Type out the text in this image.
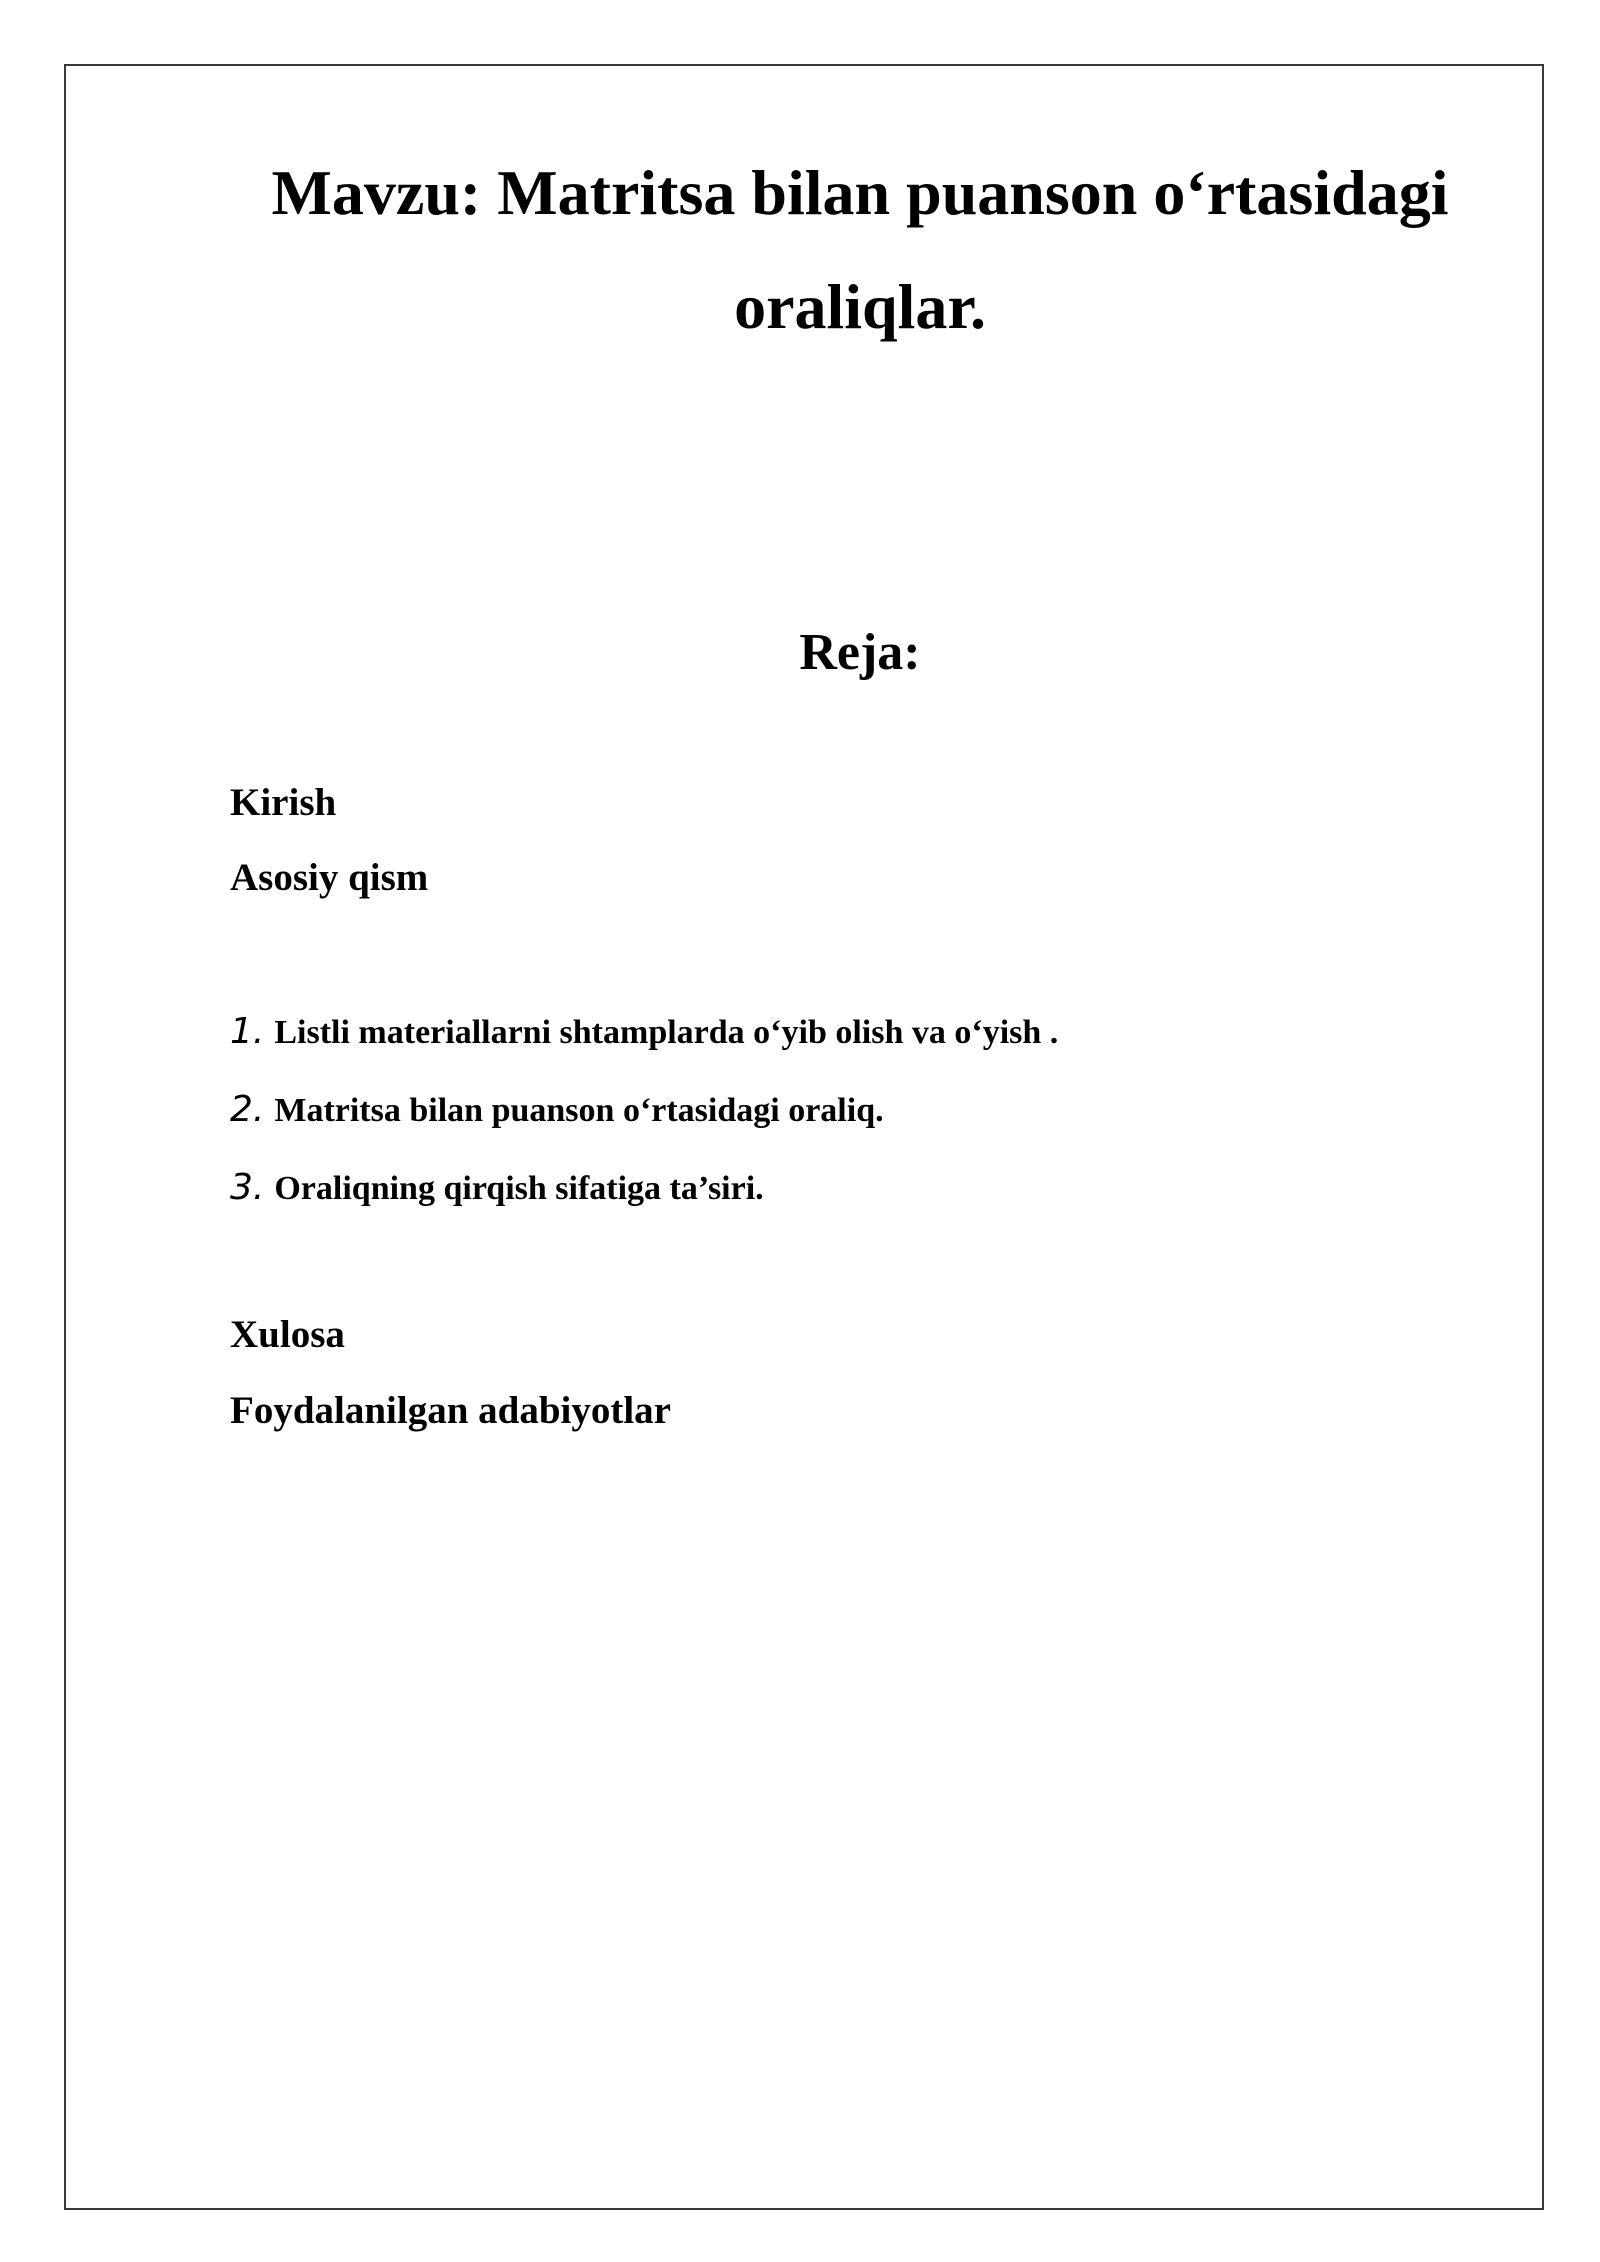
Mavzu: Matritsa bilan puanson o‘rtasidagi
oraliqlar.
Reja:

Kirish

Asosiy qism

1. Listli materiallarni shtamplarda o‘yib olish va o‘yish .
2. Matritsa bilan puanson o‘rtasidagi oraliq.
3. Oraliqning qirqish sifatiga ta’siri.

Xulosa

Foydalanilgan adabiyotlar
